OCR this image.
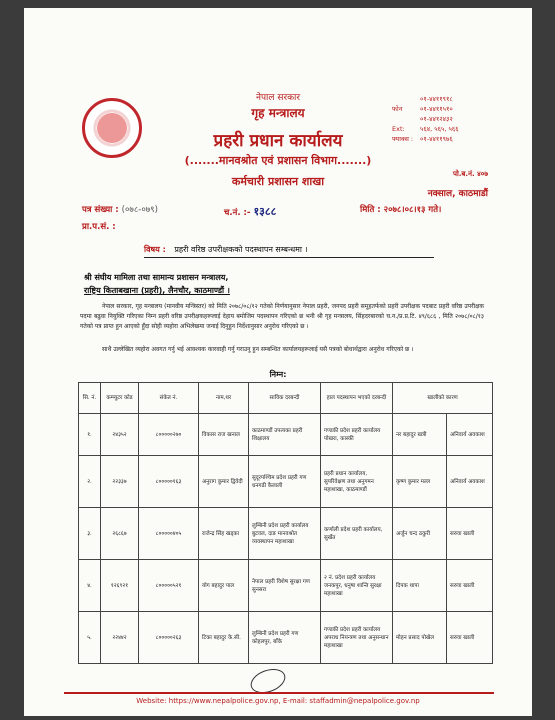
नेपाल सरकार
गृह मन्त्रालय
प्रहरी प्रधान कार्यालय
(.......मानवश्रोत एवं प्रशासन विभाग.......)
कर्मचारी प्रशासन शाखा
०१-४४११९१८
फोन	०१-४४११५१०
०१-४४१२४३२
Ext: ५६४, ५६५, ५६६
फ्याक्स : ०१-४४११९७६
पो.ब.नं. ४०७
नक्साल, काठमाडौं
पत्र संख्या : (०७८-०७९)	च.नं. :- १३८८	मिति : २०७८।०८।१३ गते।
प्रा.प.सं. :
विषय : प्रहरी वरिष्ठ उपरीक्षकको पदस्थापन सम्बन्धमा ।
श्री संघीय मामिला तथा सामान्य प्रशासन मन्त्रालय,
राष्ट्रिय किताबखाना (प्रहरी), लैनचौर, काठमाण्डौं ।
नेपाल सरकार, गृह मन्त्रालय (मानवीय मन्त्रिस्तर) को मिति २०७८/०८/१२ गतेको निर्णयानुसार नेपाल प्रहरी, जनपद प्रहरी समूहतर्फको प्रहरी उपरीक्षक पदबाट प्रहरी वरिष्ठ उपरीक्षक पदमा बढुवा नियुक्ति गरिएका निम्न प्रहरी वरिष्ठ उपरीक्षकहरूलाई देहाय बमोजिम पदस्थापन गरिएको छ भनी श्री गृह मन्त्रालय, सिंहदरबारको च.न./प्र.प्र.टि. ४९/६८६ , मिति २०७८/०८/१३ गतेको पत्र प्राप्त हुन आएको हुँदा सोही व्यहोरा अभिलेखमा जनाई दिनुहुन निर्देशानुसार अनुरोध गरिएको छ ।
साथै उल्लेखित व्यहोरा अवगत गर्नु भई आवश्यक कारवाही गर्नु गराउनु हुन सम्बन्धित कार्यालयहरूलाई यसै पत्रको बोधार्थद्वारा अनुरोध गरिएको छ ।
निम्न:
सि. नं.	कम्प्युटर कोड	संकेत नं.	नाम,थर	साविक दरबन्दी	हाल पदस्थापन भएको दरबन्दी	खालीको कारण	
१.	२४३५२	८०००००२७०	विकास राज खनाल	काठमाण्डौं उपत्यका प्रहरी शिक्षालय	गण्डकी प्रदेश प्रहरी कार्यालय पोखरा, कास्की	नर बहादुर खत्री	अनिवार्य अवकाश
२.	२२३३७	८०००००१६३	अनुराग कुमार द्विवेदी	सुदूरपश्चिम प्रदेश प्रहरी गण धनगढी कैलाली	प्रहरी प्रधान कार्यालय, सुपरिवेक्षण तथा अनुगमन महाशाखा, काठमाण्डौं	कृष्ण कुमार मल्ल	अनिवार्य अवकाश
३.	२६८६७	८०००००४०५	राजेन्द्र सिंह खड्का	लुम्बिनी प्रदेश प्रहरी कार्यालय बुटवल, दाङ मानवश्रोत व्यवस्थापन महाशाखा	कर्णाली प्रदेश प्रहरी कार्यालय, सुर्खेत	अर्जुन चन्द ठकुरी	सरुवा खाली
४.	१२६९२१	८०००००५२१	योग बहादुर पाल	नेपाल प्रहरी विशेष सुरक्षा गण सुनसरा	२ नं. प्रदेश प्रहरी कार्यालय जनकपुर, धनुषा शान्ति सुरक्षा महाशाखा	दिपक थापा	सरुवा खाली
५.	२२४४२	८०००००२६३	टिका बहादुर के.सी.	लुम्बिनी प्रदेश प्रहरी गण कोहलपुर, बाँके	गण्डकी प्रदेश प्रहरी कार्यालय अपराध नियन्त्रण तथा अनुसन्धान महाशाखा	मोहन प्रसाद पोखेल	सरुवा खाली
Website: https://www.nepalpolice.gov.np, E-mail: staffadmin@nepalpolice.gov.np
